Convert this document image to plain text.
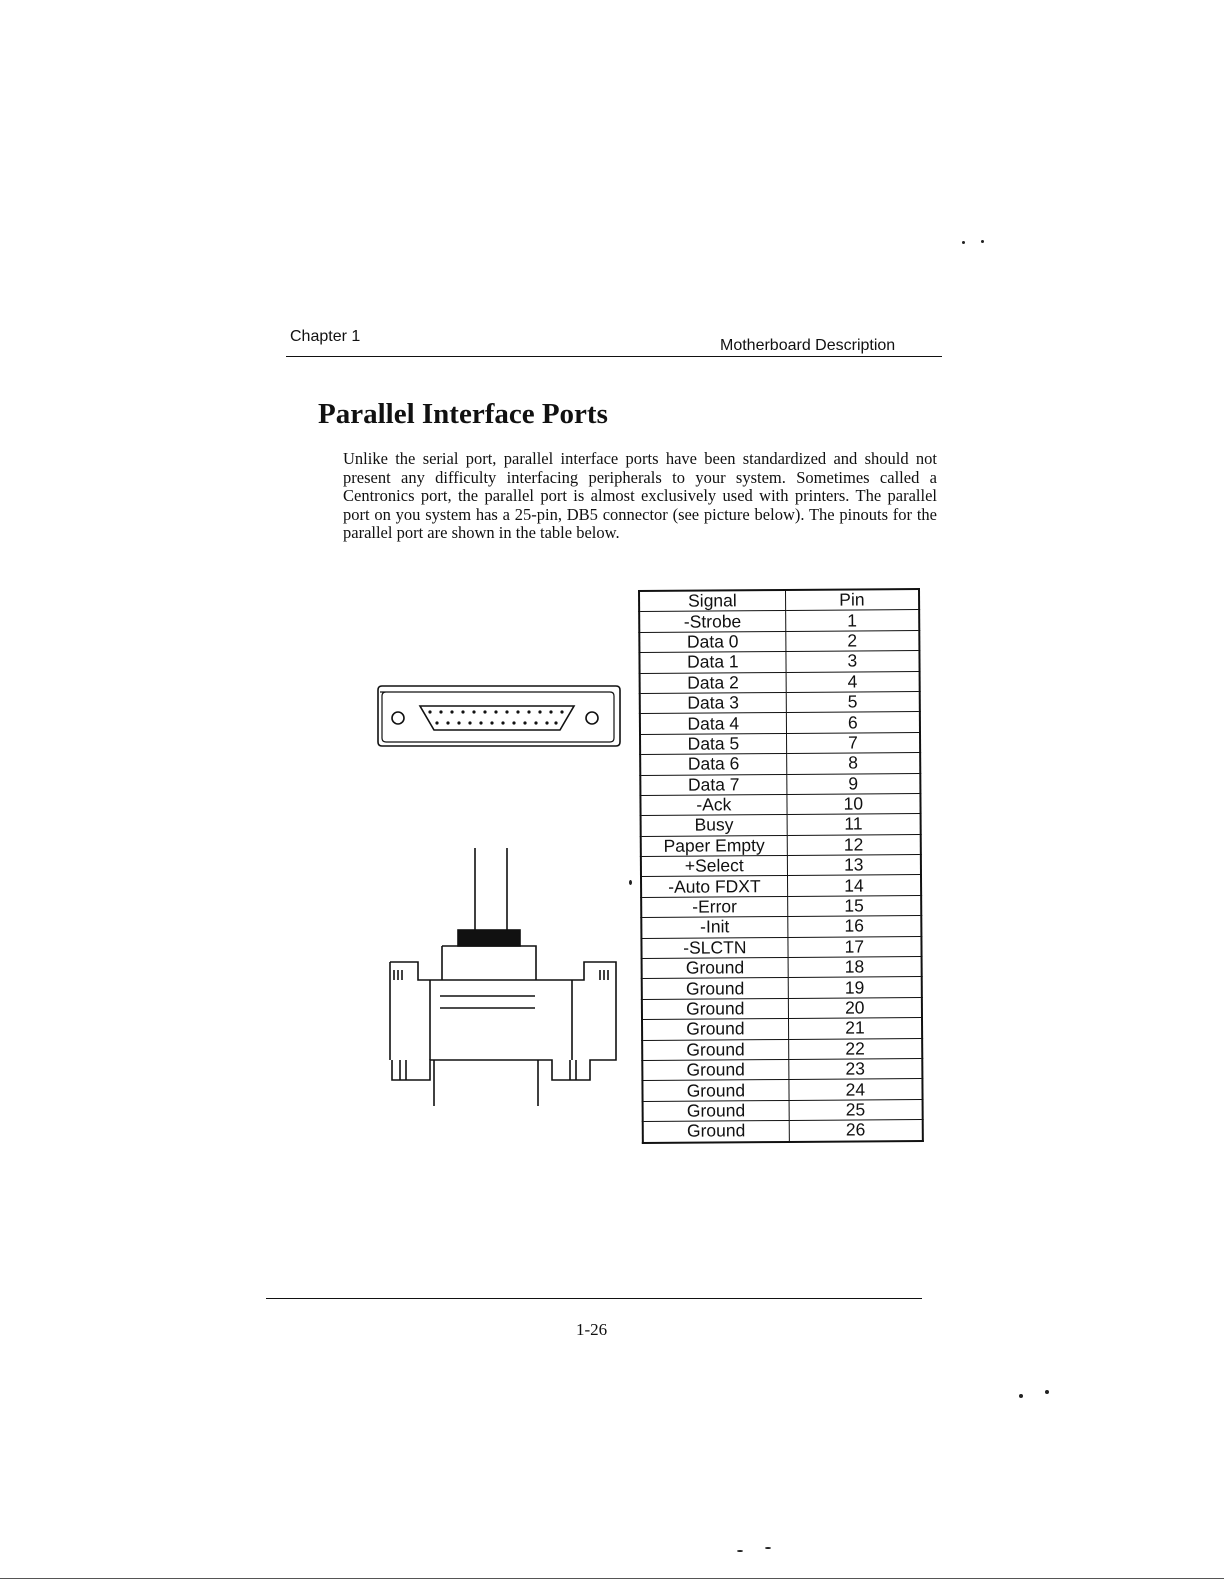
Chapter 1
Motherboard Description
Parallel Interface Ports

Unlike the serial port, parallel interface ports have been standardized and should not present any difficulty interfacing peripherals to your system. Sometimes called a Centronics port, the parallel port is almost exclusively used with printers. The parallel port on you system has a 25-pin, DB5 connector (see picture below). The pinouts for the parallel port are shown in the table below.

Signal	Pin
-Strobe	1
Data 0	2
Data 1	3
Data 2	4
Data 3	5
Data 4	6
Data 5	7
Data 6	8
Data 7	9
-Ack	10
Busy	11
Paper Empty	12
+Select	13
-Auto FDXT	14
-Error	15
-Init	16
-SLCTN	17
Ground	18
Ground	19
Ground	20
Ground	21
Ground	22
Ground	23
Ground	24
Ground	25
Ground	26
1-26
